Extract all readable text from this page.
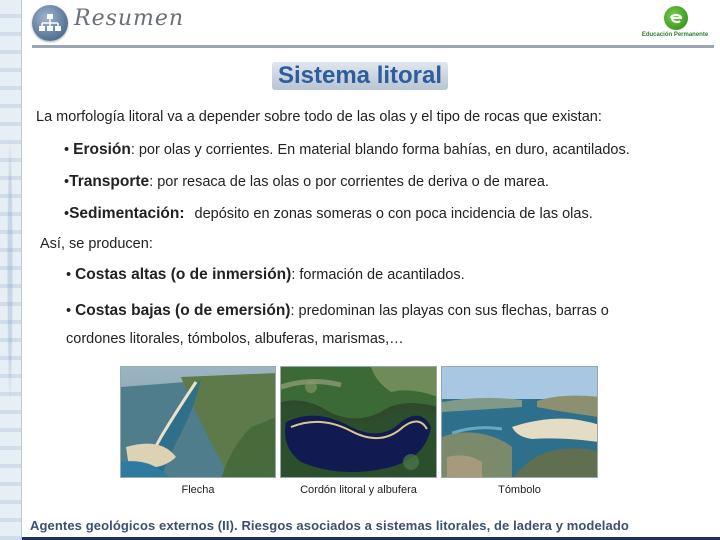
Resumen
Educación Permanente
Sistema litoral
La morfología litoral va a depender sobre todo de las olas y el tipo de rocas que existan:
• Erosión: por olas y corrientes. En material blando forma bahías, en duro, acantilados.
•Transporte: por resaca de las olas o por corrientes de deriva o de marea.
•Sedimentación: depósito en zonas someras o con poca incidencia de las olas.
Así, se producen:
• Costas altas (o de inmersión): formación de acantilados.
• Costas bajas (o de emersión): predominan las playas con sus flechas, barras o
cordones litorales, tómbolos, albuferas, marismas,…
Flecha	Cordón litoral y albufera	Tómbolo
Agentes geológicos externos (II). Riesgos asociados a sistemas litorales, de ladera y modelado
